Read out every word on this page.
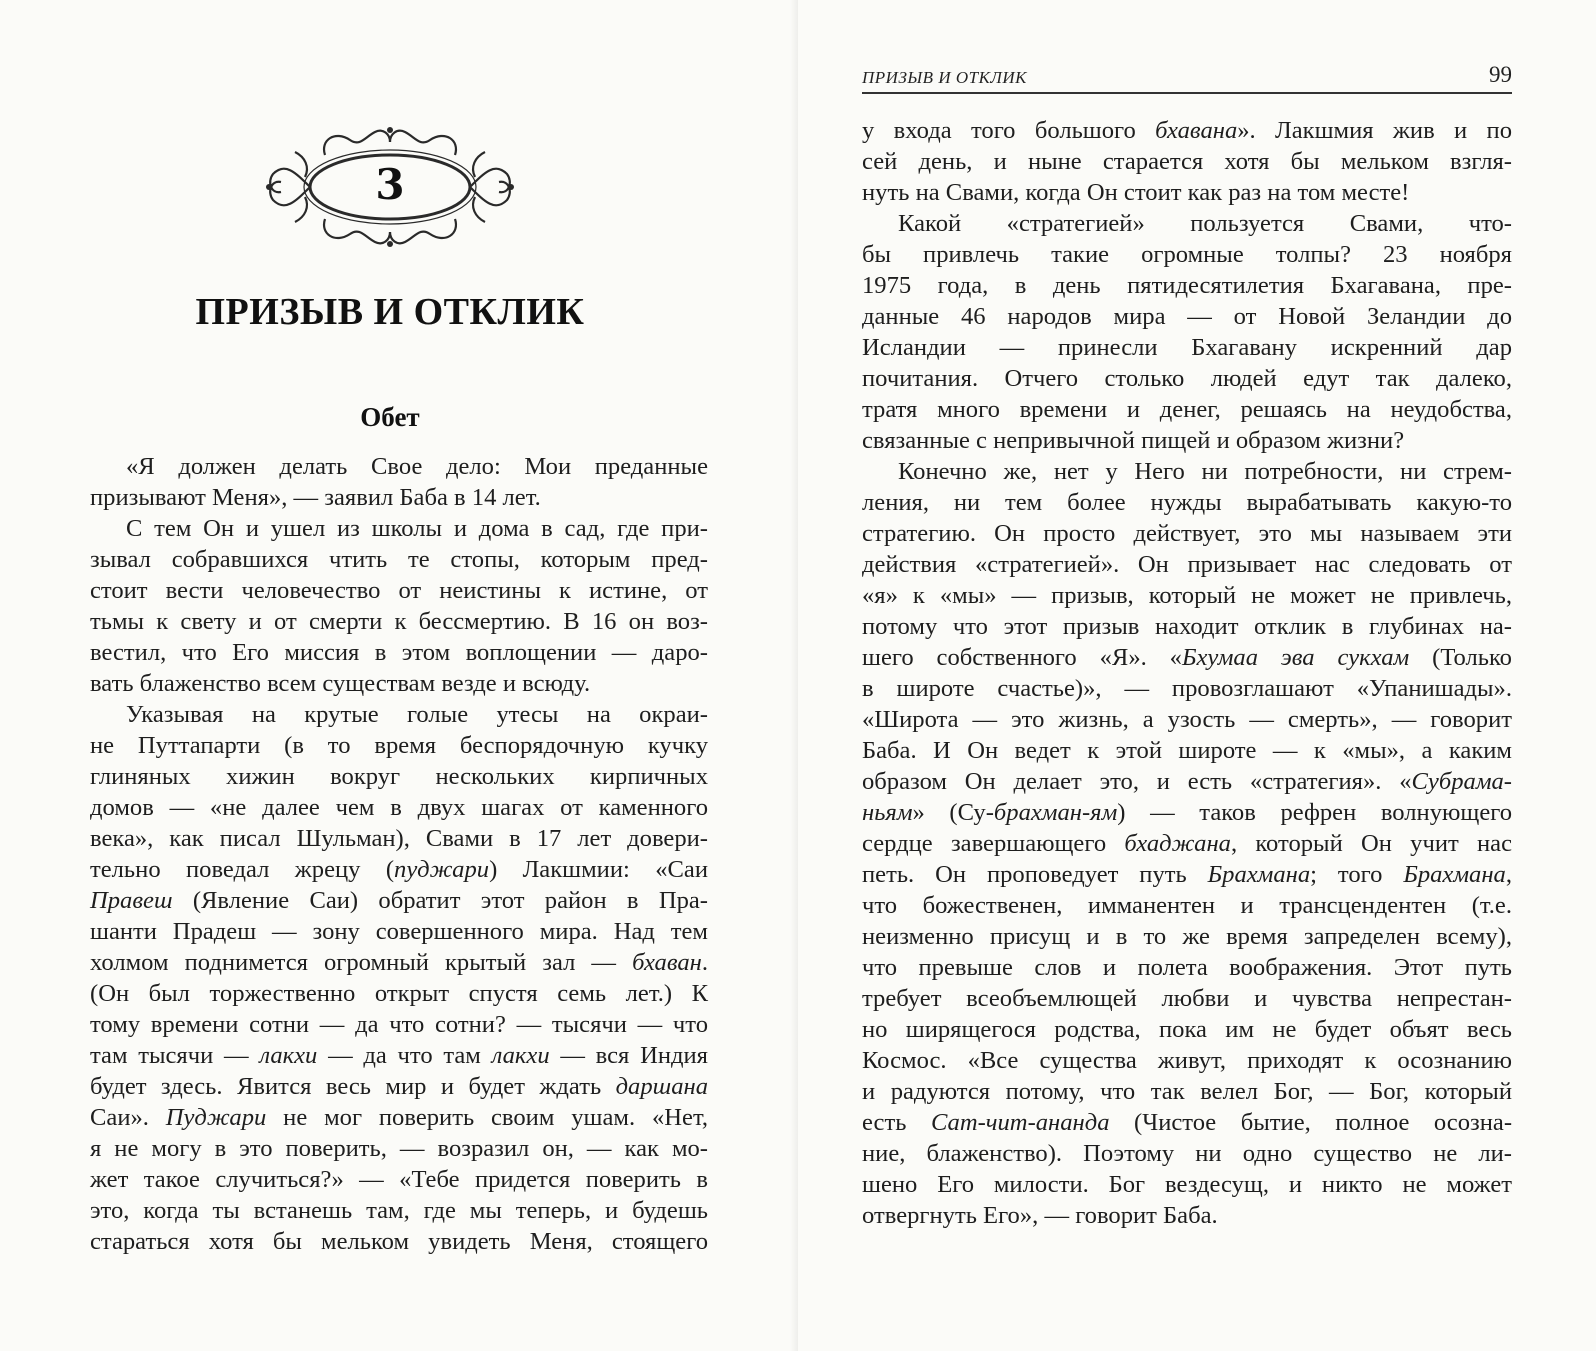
3
ПРИЗЫВ И ОТКЛИК
Обет
«Я должен делать Свое дело: Мои преданные
призывают Меня», — заявил Баба в 14 лет.
С тем Он и ушел из школы и дома в сад, где при-
зывал собравшихся чтить те стопы, которым пред-
стоит вести человечество от неистины к истине, от
тьмы к свету и от смерти к бессмертию. В 16 он воз-
вестил, что Его миссия в этом воплощении — даро-
вать блаженство всем существам везде и всюду.
Указывая на крутые голые утесы на окраи-
не Путтапарти (в то время беспорядочную кучку
глиняных хижин вокруг нескольких кирпичных
домов — «не далее чем в двух шагах от каменного
века», как писал Шульман), Свами в 17 лет довери-
тельно поведал жрецу (пуджари) Лакшмии: «Саи
Правеш (Явление Саи) обратит этот район в Пра-
шанти Прадеш — зону совершенного мира. Над тем
холмом поднимется огромный крытый зал — бхаван.
(Он был торжественно открыт спустя семь лет.) К
тому времени сотни — да что сотни? — тысячи — что
там тысячи — лакхи — да что там лакхи — вся Индия
будет здесь. Явится весь мир и будет ждать даршана
Саи». Пуджари не мог поверить своим ушам. «Нет,
я не могу в это поверить, — возразил он, — как мо-
жет такое случиться?» — «Тебе придется поверить в
это, когда ты встанешь там, где мы теперь, и будешь
стараться хотя бы мельком увидеть Меня, стоящего
ПРИЗЫВ И ОТКЛИК	99
у входа того большого бхавана». Лакшмия жив и по
сей день, и ныне старается хотя бы мельком взгля-
нуть на Свами, когда Он стоит как раз на том месте!
Какой «стратегией» пользуется Свами, что-
бы привлечь такие огромные толпы? 23 ноября
1975 года, в день пятидесятилетия Бхагавана, пре-
данные 46 народов мира — от Новой Зеландии до
Исландии — принесли Бхагавану искренний дар
почитания. Отчего столько людей едут так далеко,
тратя много времени и денег, решаясь на неудобства,
связанные с непривычной пищей и образом жизни?
Конечно же, нет у Него ни потребности, ни стрем-
ления, ни тем более нужды вырабатывать какую-то
стратегию. Он просто действует, это мы называем эти
действия «стратегией». Он призывает нас следовать от
«я» к «мы» — призыв, который не может не привлечь,
потому что этот призыв находит отклик в глубинах на-
шего собственного «Я». «Бхумаа эва сукхам (Только
в широте счастье)», — провозглашают «Упанишады».
«Широта — это жизнь, а узость — смерть», — говорит
Баба. И Он ведет к этой широте — к «мы», а каким
образом Он делает это, и есть «стратегия». «Субрама-
ньям» (Су-брахман-ям) — таков рефрен волнующего
сердце завершающего бхаджана, который Он учит нас
петь. Он проповедует путь Брахмана; того Брахмана,
что божественен, имманентен и трансцендентен (т.е.
неизменно присущ и в то же время запределен всему),
что превыше слов и полета воображения. Этот путь
требует всеобъемлющей любви и чувства непрестан-
но ширящегося родства, пока им не будет объят весь
Космос. «Все существа живут, приходят к осознанию
и радуются потому, что так велел Бог, — Бог, который
есть Сат-чит-ананда (Чистое бытие, полное осозна-
ние, блаженство). Поэтому ни одно существо не ли-
шено Его милости. Бог вездесущ, и никто не может
отвергнуть Его», — говорит Баба.
